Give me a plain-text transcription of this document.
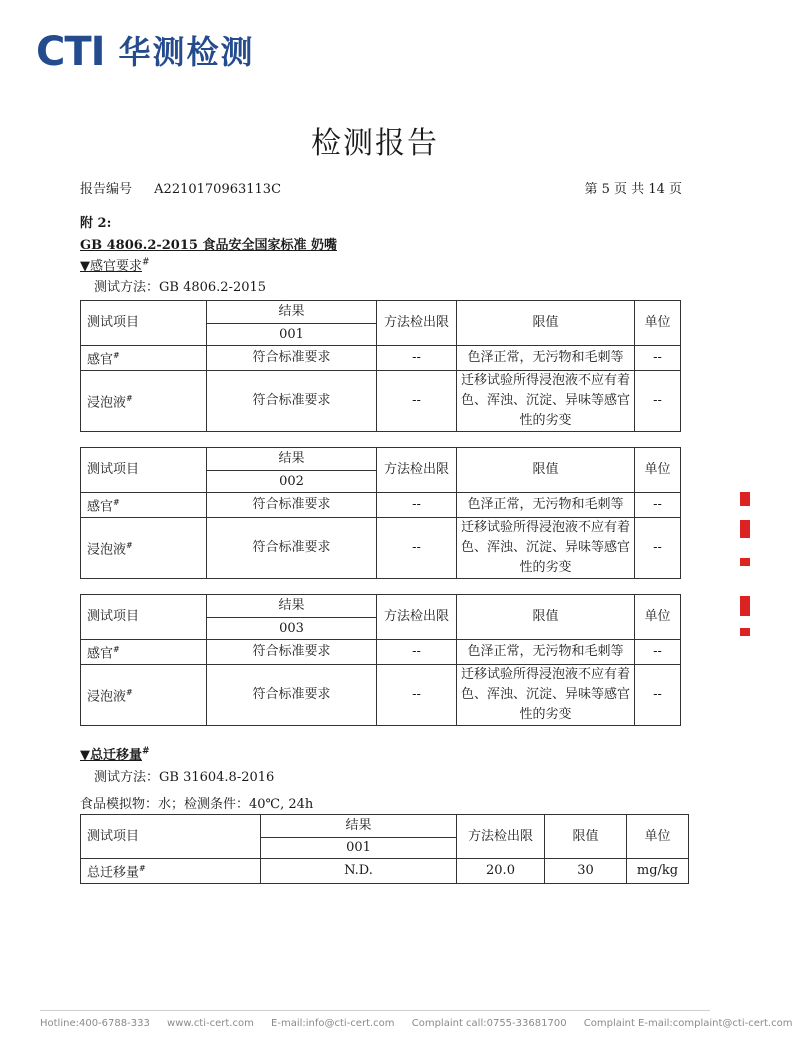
CTI 华测检测
检测报告
报告编号 A2210170963113C	第 5 页 共 14 页
附 2:
GB 4806.2-2015 食品安全国家标准 奶嘴
▼感官要求#
测试方法：GB 4806.2-2015
测试项目	结果	方法检出限	限值	单位
	001			
感官#	符合标准要求	--	色泽正常，无污物和毛刺等	--
浸泡液#	符合标准要求	--	迁移试验所得浸泡液不应有着色、浑浊、沉淀、异味等感官性的劣变	--
测试项目	结果	方法检出限	限值	单位
	002			
感官#	符合标准要求	--	色泽正常，无污物和毛刺等	--
浸泡液#	符合标准要求	--	迁移试验所得浸泡液不应有着色、浑浊、沉淀、异味等感官性的劣变	--
测试项目	结果	方法检出限	限值	单位
	003			
感官#	符合标准要求	--	色泽正常，无污物和毛刺等	--
浸泡液#	符合标准要求	--	迁移试验所得浸泡液不应有着色、浑浊、沉淀、异味等感官性的劣变	--
▼总迁移量#
测试方法：GB 31604.8-2016
食品模拟物：水；检测条件：40℃, 24h
测试项目	结果	方法检出限	限值	单位
	001			
总迁移量#	N.D.	20.0	30	mg/kg
Hotline:400-6788-333 www.cti-cert.com E-mail:info@cti-cert.com Complaint call:0755-33681700 Complaint E-mail:complaint@cti-cert.com
